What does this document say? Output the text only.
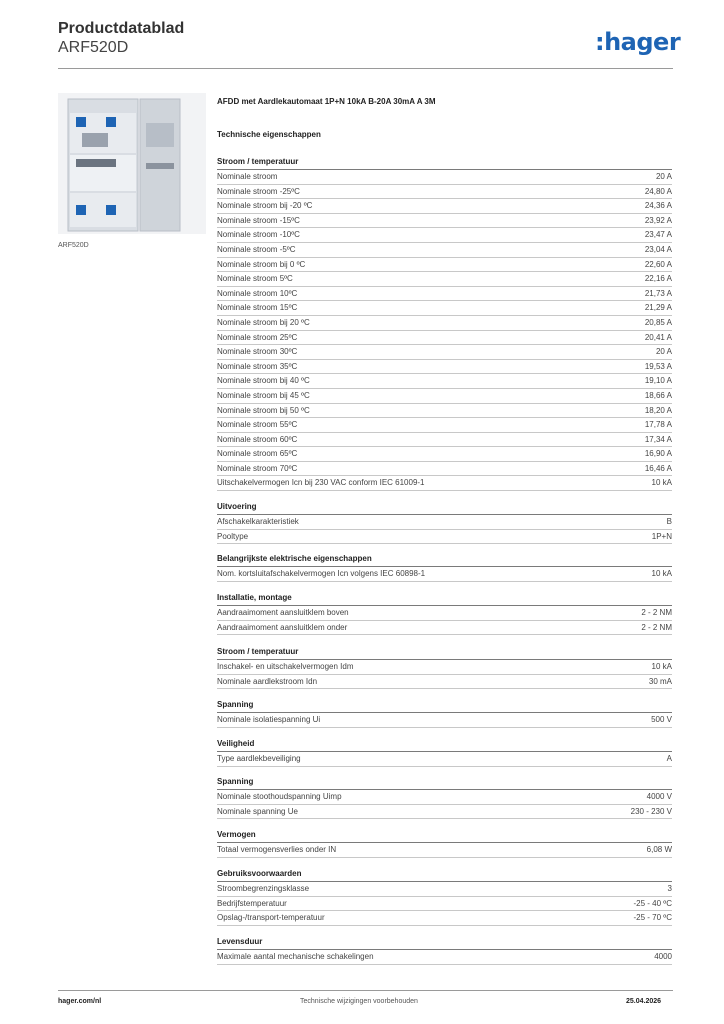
Productdatablad
ARF520D	:hager
ARF520D
AFDD met Aardlekautomaat 1P+N 10kA B-20A 30mA A 3M
Technische eigenschappen
Stroom / temperatuur
Nominale stroom	20 A
Nominale stroom -25ºC	24,80 A
Nominale stroom bij -20 ºC	24,36 A
Nominale stroom -15ºC	23,92 A
Nominale stroom -10ºC	23,47 A
Nominale stroom -5ºC	23,04 A
Nominale stroom bij 0 ºC	22,60 A
Nominale stroom 5ºC	22,16 A
Nominale stroom 10ºC	21,73 A
Nominale stroom 15ºC	21,29 A
Nominale stroom bij 20 ºC	20,85 A
Nominale stroom 25ºC	20,41 A
Nominale stroom 30ºC	20 A
Nominale stroom 35ºC	19,53 A
Nominale stroom bij 40 ºC	19,10 A
Nominale stroom bij 45 ºC	18,66 A
Nominale stroom bij 50 ºC	18,20 A
Nominale stroom 55ºC	17,78 A
Nominale stroom 60ºC	17,34 A
Nominale stroom 65ºC	16,90 A
Nominale stroom 70ºC	16,46 A
Uitschakelvermogen Icn bij 230 VAC conform IEC 61009-1	10 kA
Uitvoering
Afschakelkarakteristiek	B
Pooltype	1P+N
Belangrijkste elektrische eigenschappen
Nom. kortsluitafschakelvermogen Icn volgens IEC 60898-1	10 kA
Installatie, montage
Aandraaimoment aansluitklem boven	2 - 2 NM
Aandraaimoment aansluitklem onder	2 - 2 NM
Stroom / temperatuur
Inschakel- en uitschakelvermogen Idm	10 kA
Nominale aardlekstroom Idn	30 mA
Spanning
Nominale isolatiespanning Ui	500 V
Veiligheid
Type aardlekbeveiliging	A
Spanning
Nominale stoothoudspanning Uimp	4000 V
Nominale spanning Ue	230 - 230 V
Vermogen
Totaal vermogensverlies onder IN	6,08 W
Gebruiksvoorwaarden
Stroombegrenzingsklasse	3
Bedrijfstemperatuur	-25 - 40 ºC
Opslag-/transport-temperatuur	-25 - 70 ºC
Levensduur
Maximale aantal mechanische schakelingen	4000
hager.com/nl	Technische wijzigingen voorbehouden	25.04.2026
